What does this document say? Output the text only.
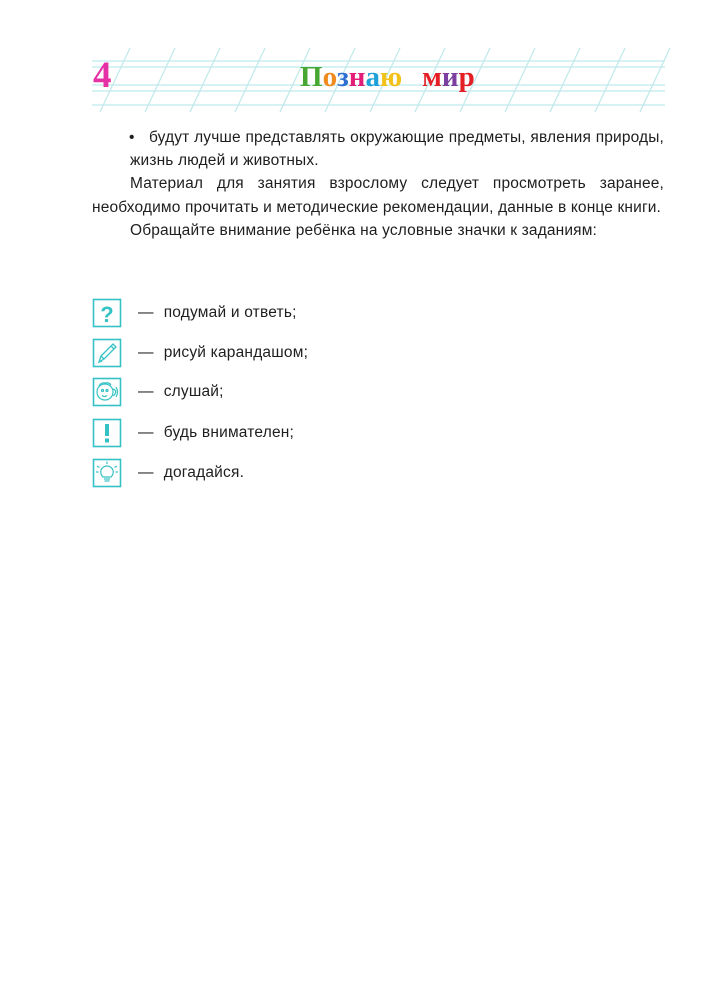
4	Познаю мир

• будут лучше представлять окружающие предметы, явления природы, жизнь людей и животных.

Материал для занятия взрослому следует просмотреть заранее, необходимо прочитать и методические рекомендации, данные в конце книги.

Обращайте внимание ребёнка на условные значки к заданиям:

? — подумай и ответь;
— рисуй карандашом;
— слушай;
— будь внимателен;
— догадайся.
